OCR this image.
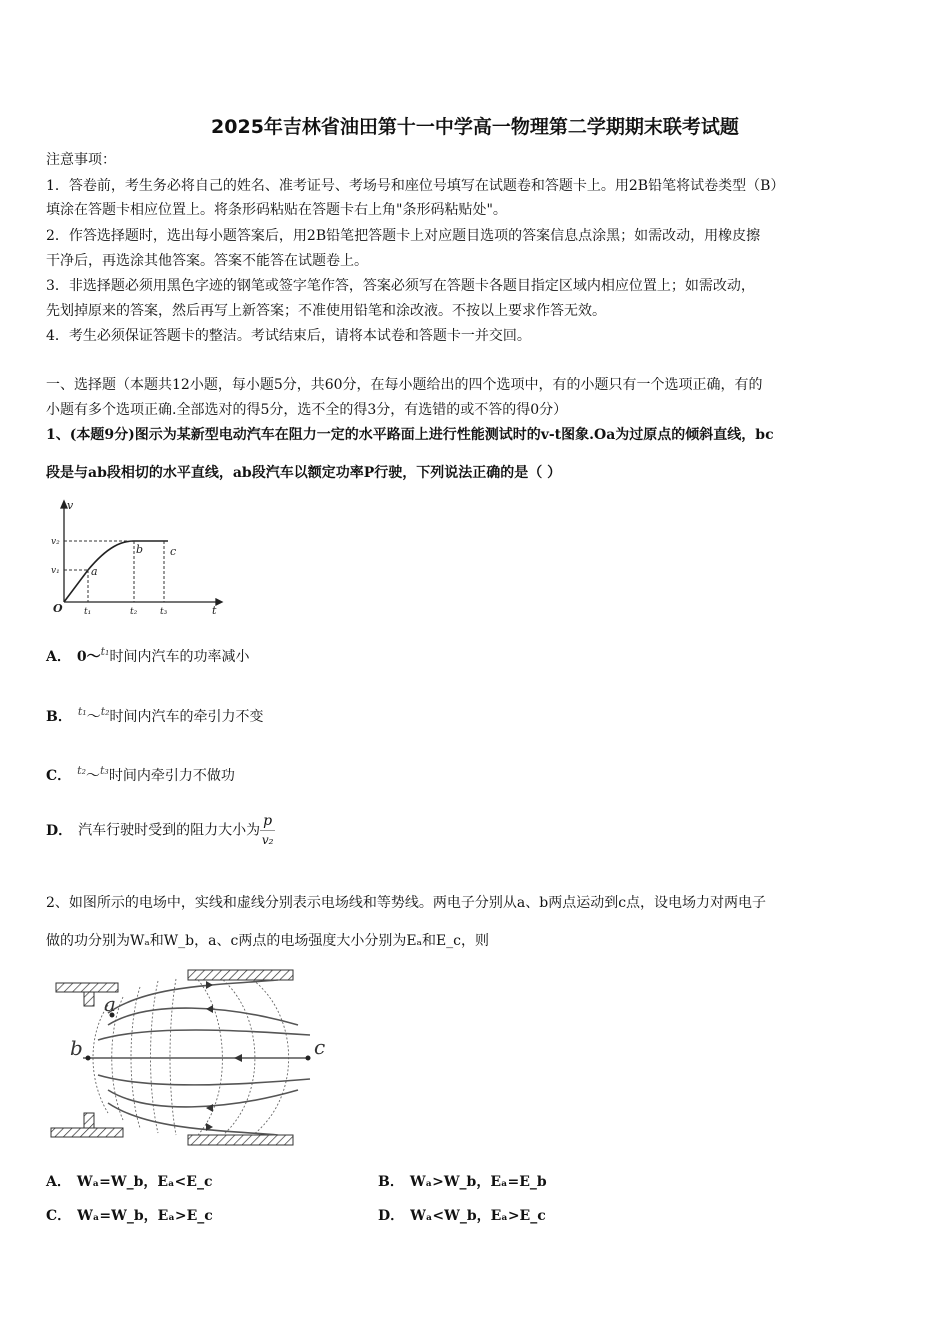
2025年吉林省油田第十一中学高一物理第二学期期末联考试题
注意事项：
1．答卷前，考生务必将自己的姓名、准考证号、考场号和座位号填写在试题卷和答题卡上。用2B铅笔将试卷类型（B）
填涂在答题卡相应位置上。将条形码粘贴在答题卡右上角"条形码粘贴处"。
2．作答选择题时，选出每小题答案后，用2B铅笔把答题卡上对应题目选项的答案信息点涂黑；如需改动，用橡皮擦
干净后，再选涂其他答案。答案不能答在试题卷上。
3．非选择题必须用黑色字迹的钢笔或签字笔作答，答案必须写在答题卡各题目指定区域内相应位置上；如需改动，
先划掉原来的答案，然后再写上新答案；不准使用铅笔和涂改液。不按以上要求作答无效。
4．考生必须保证答题卡的整洁。考试结束后，请将本试卷和答题卡一并交回。
一、选择题（本题共12小题，每小题5分，共60分，在每小题给出的四个选项中，有的小题只有一个选项正确，有的
小题有多个选项正确.全部选对的得5分，选不全的得3分，有选错的或不答的得0分）
1、(本题9分)图示为某新型电动汽车在阻力一定的水平路面上进行性能测试时的v-t图象.Oa为过原点的倾斜直线，bc
段是与ab段相切的水平直线，ab段汽车以额定功率P行驶，下列说法正确的是（ ）
v
t
O
v₁
v₂
t₁	t₂	t₃
a
b c
A． 0～$^{t_1}$时间内汽车的功率减小
B． $^{t_1}$～$^{t_2}$时间内汽车的牵引力不变
C． $^{t_2}$～$^{t_3}$时间内牵引力不做功
D． 汽车行驶时受到的阻力大小为 $\frac{p}{\text{v₂}}$
2、如图所示的电场中，实线和虚线分别表示电场线和等势线。两电子分别从a、b两点运动到c点，设电场力对两电子
做的功分别为Wₐ和W_b，a、c两点的电场强度大小分别为Eₐ和E_c，则
a
b	c
A． Wₐ=W_b，Eₐ<E_c	B． Wₐ>W_b，Eₐ=E_b
C． Wₐ=W_b，Eₐ>E_c	D． Wₐ<W_b，Eₐ>E_c
